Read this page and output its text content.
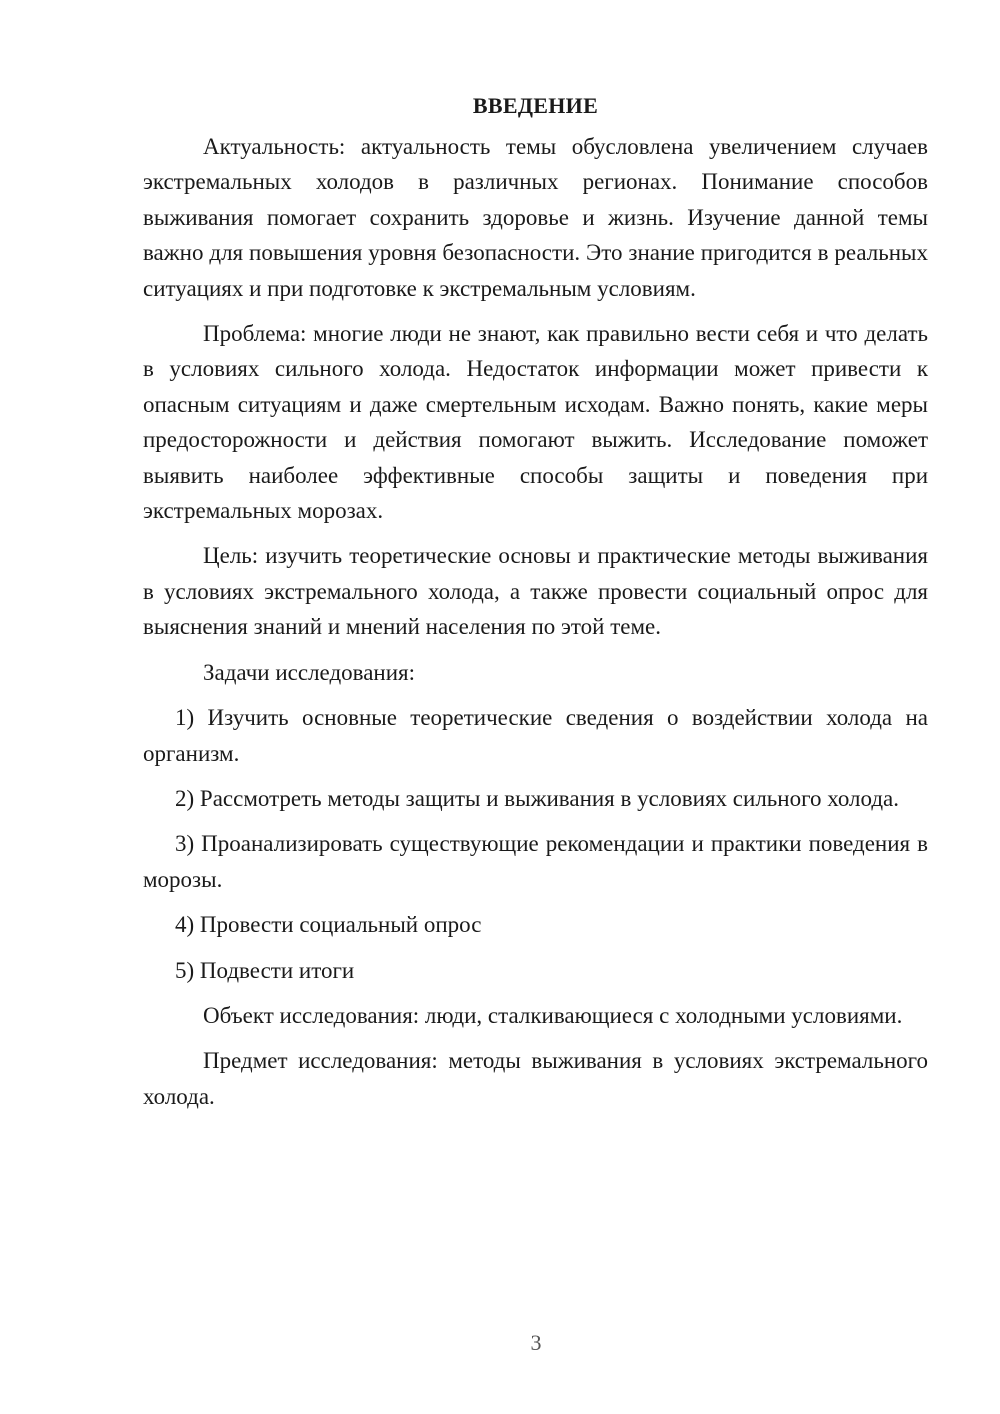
ВВЕДЕНИЕ

Актуальность: актуальность темы обусловлена увеличением случаев экстремальных холодов в различных регионах. Понимание способов выживания помогает сохранить здоровье и жизнь. Изучение данной темы важно для повышения уровня безопасности. Это знание пригодится в реальных ситуациях и при подготовке к экстремальным условиям.

Проблема: многие люди не знают, как правильно вести себя и что делать в условиях сильного холода. Недостаток информации может привести к опасным ситуациям и даже смертельным исходам. Важно понять, какие меры предосторожности и действия помогают выжить. Исследование поможет выявить наиболее эффективные способы защиты и поведения при экстремальных морозах.

Цель: изучить теоретические основы и практические методы выживания в условиях экстремального холода, а также провести социальный опрос для выяснения знаний и мнений населения по этой теме.

Задачи исследования:

1) Изучить основные теоретические сведения о воздействии холода на организм.

2) Рассмотреть методы защиты и выживания в условиях сильного холода.

3) Проанализировать существующие рекомендации и практики поведения в морозы.

4) Провести социальный опрос

5) Подвести итоги

Объект исследования: люди, сталкивающиеся с холодными условиями.

Предмет исследования: методы выживания в условиях экстремального холода.

3
